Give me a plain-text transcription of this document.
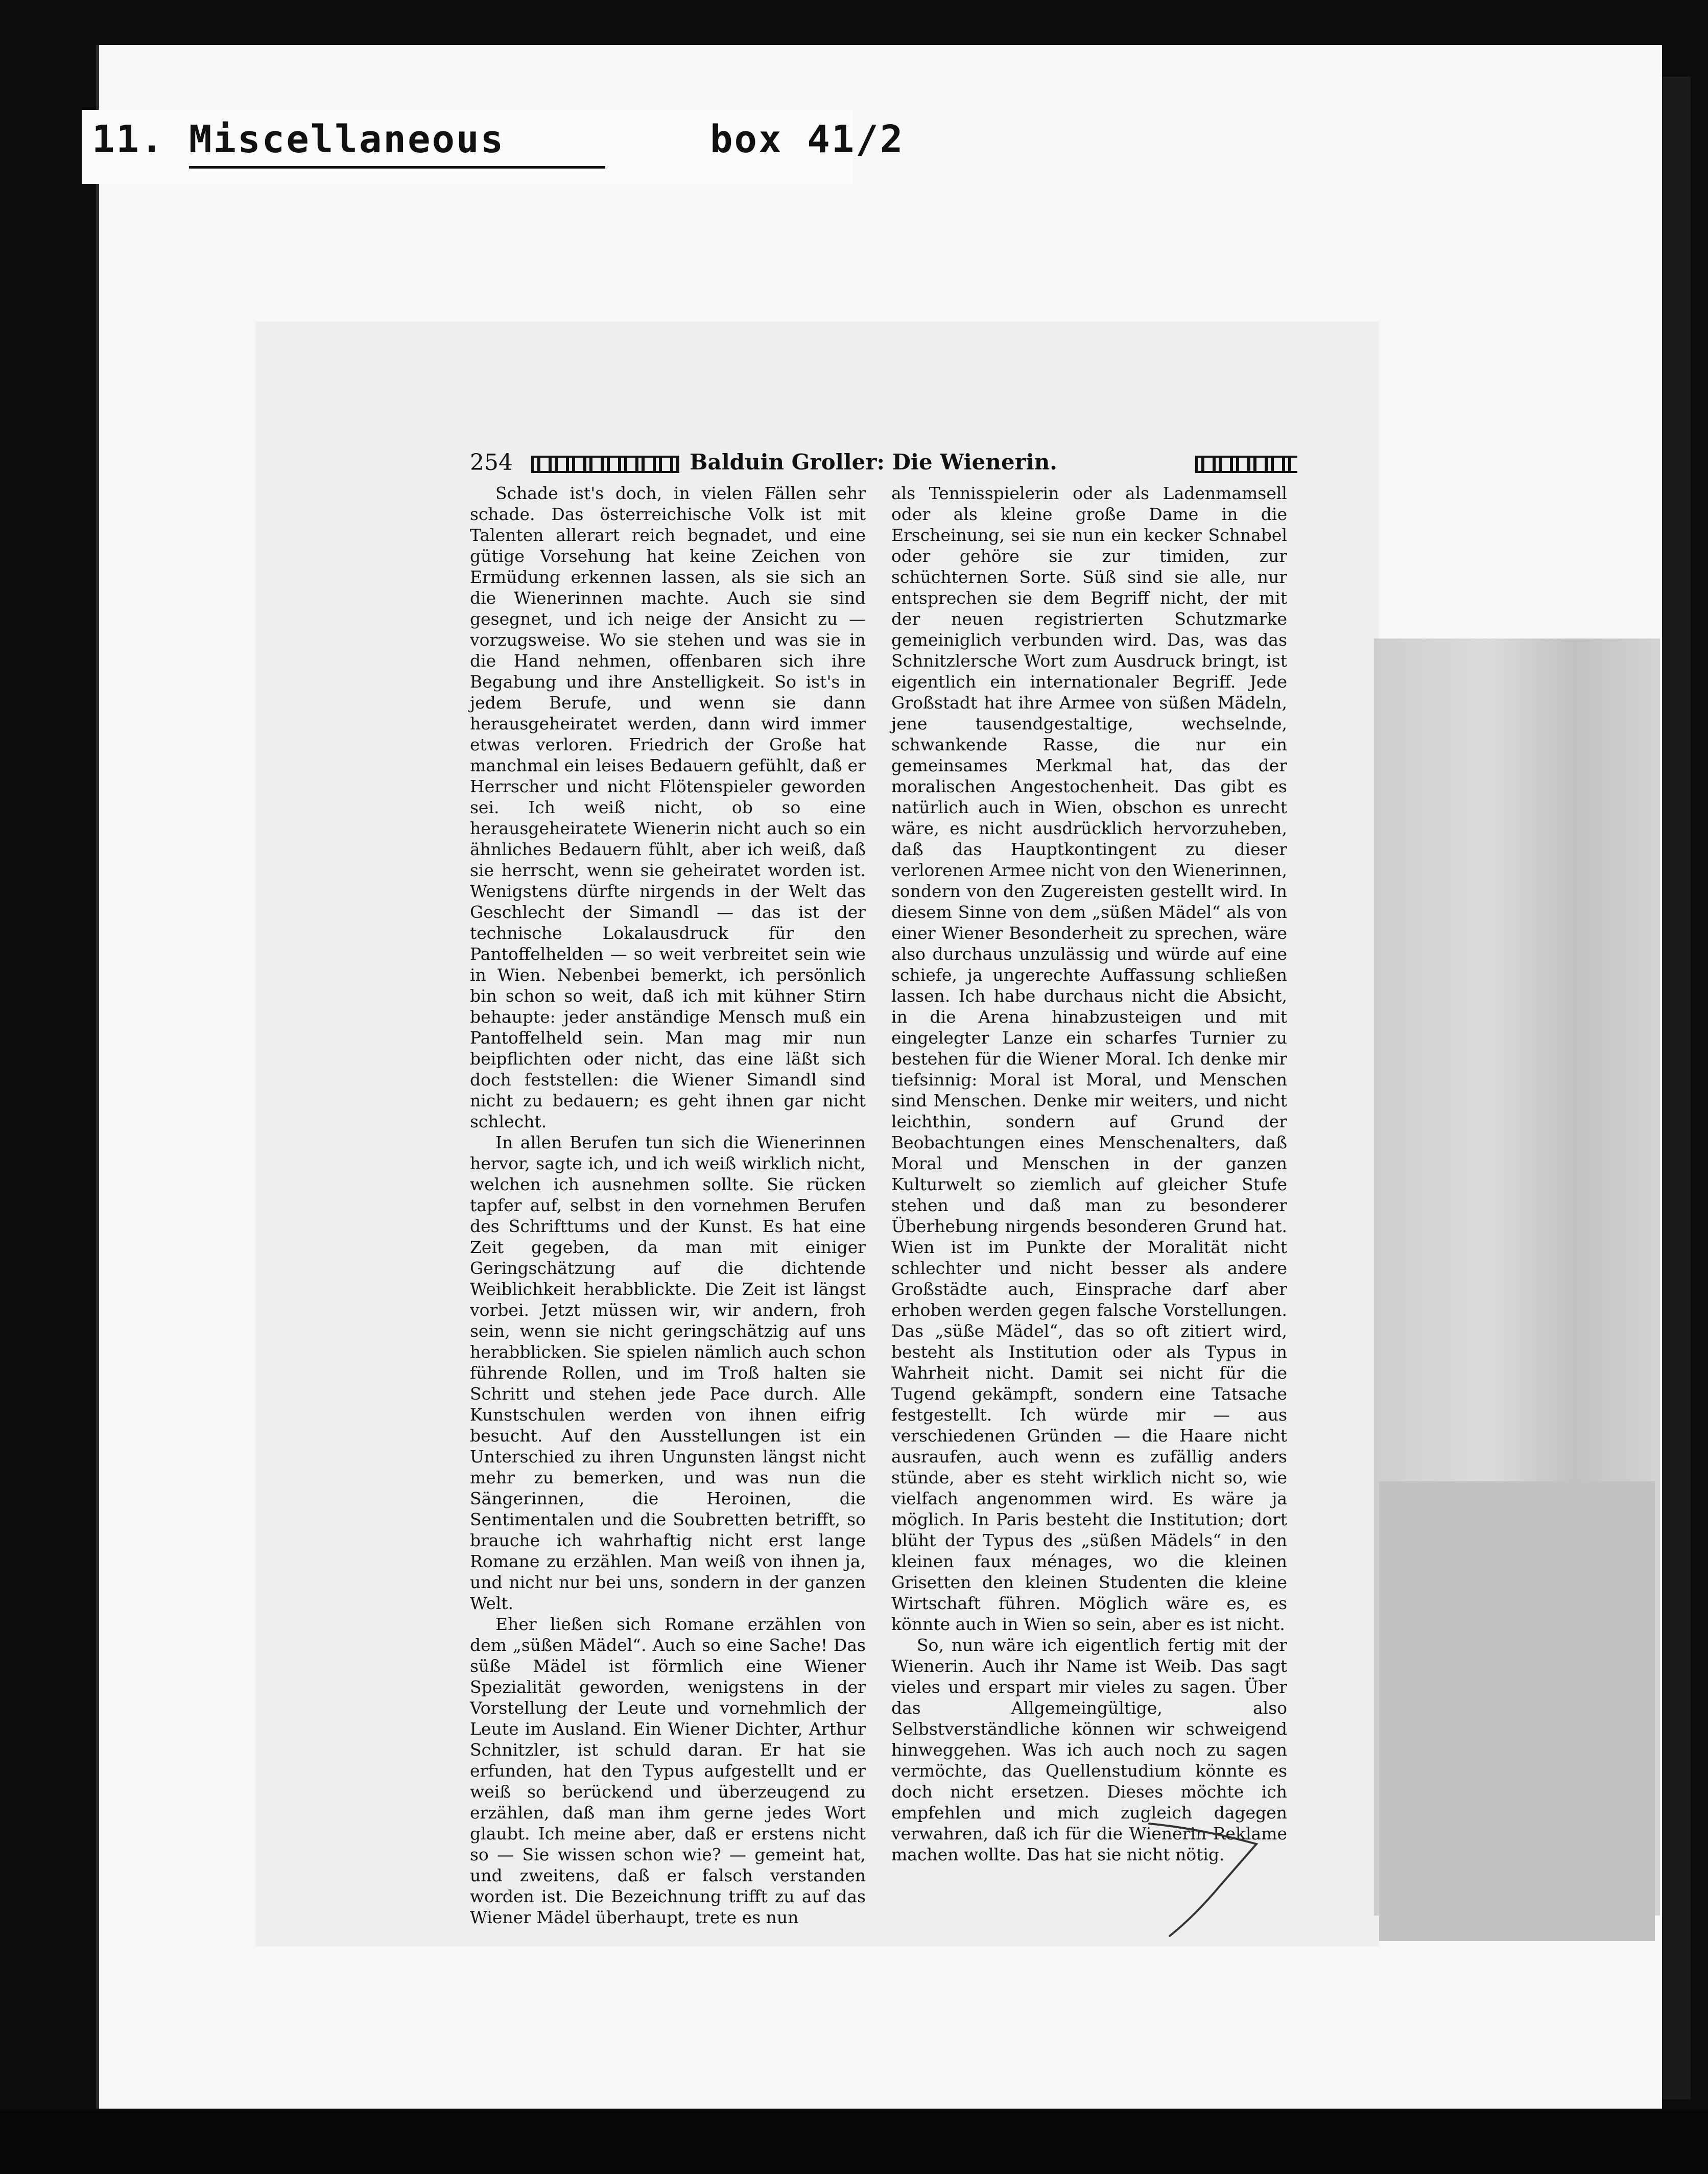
11.

Miscellaneous

	box 41/2

254	Balduin Groller: Die Wienerin.

Schade ist's doch, in vielen Fällen sehr schade. Das österreichische Volk ist mit Talenten allerart reich begnadet, und eine gütige Vorsehung hat keine Zeichen von Ermüdung erkennen lassen, als sie sich an die Wienerinnen machte. Auch sie sind gesegnet, und ich neige der Ansicht zu — vorzugsweise. Wo sie stehen und was sie in die Hand nehmen, offenbaren sich ihre Begabung und ihre Anstelligkeit. So ist's in jedem Berufe, und wenn sie dann herausgeheiratet werden, dann wird immer etwas verloren. Friedrich der Große hat manchmal ein leises Bedauern gefühlt, daß er Herrscher und nicht Flötenspieler geworden sei. Ich weiß nicht, ob so eine herausgeheiratete Wienerin nicht auch so ein ähnliches Bedauern fühlt, aber ich weiß, daß sie herrscht, wenn sie geheiratet worden ist. Wenigstens dürfte nirgends in der Welt das Geschlecht der Simandl — das ist der technische Lokalausdruck für den Pantoffelhelden — so weit verbreitet sein wie in Wien. Nebenbei bemerkt, ich persönlich bin schon so weit, daß ich mit kühner Stirn behaupte: jeder anständige Mensch muß ein Pantoffelheld sein. Man mag mir nun beipflichten oder nicht, das eine läßt sich doch feststellen: die Wiener Simandl sind nicht zu bedauern; es geht ihnen gar nicht schlecht.

In allen Berufen tun sich die Wienerinnen hervor, sagte ich, und ich weiß wirklich nicht, welchen ich ausnehmen sollte. Sie rücken tapfer auf, selbst in den vornehmen Berufen des Schrifttums und der Kunst. Es hat eine Zeit gegeben, da man mit einiger Geringschätzung auf die dichtende Weiblichkeit herabblickte. Die Zeit ist längst vorbei. Jetzt müssen wir, wir andern, froh sein, wenn sie nicht geringschätzig auf uns herabblicken. Sie spielen nämlich auch schon führende Rollen, und im Troß halten sie Schritt und stehen jede Pace durch. Alle Kunstschulen werden von ihnen eifrig besucht. Auf den Ausstellungen ist ein Unterschied zu ihren Ungunsten längst nicht mehr zu bemerken, und was nun die Sängerinnen, die Heroinen, die Sentimentalen und die Soubretten betrifft, so brauche ich wahrhaftig nicht erst lange Romane zu erzählen. Man weiß von ihnen ja, und nicht nur bei uns, sondern in der ganzen Welt.

Eher ließen sich Romane erzählen von dem „süßen Mädel“. Auch so eine Sache! Das süße Mädel ist förmlich eine Wiener Spezialität geworden, wenigstens in der Vorstellung der Leute und vornehmlich der Leute im Ausland. Ein Wiener Dichter, Arthur Schnitzler, ist schuld daran. Er hat sie erfunden, hat den Typus aufgestellt und er weiß so berückend und überzeugend zu erzählen, daß man ihm gerne jedes Wort glaubt. Ich meine aber, daß er erstens nicht so — Sie wissen schon wie? — gemeint hat, und zweitens, daß er falsch verstanden worden ist. Die Bezeichnung trifft zu auf das Wiener Mädel überhaupt, trete es nun

als Tennisspielerin oder als Ladenmamsell oder als kleine große Dame in die Erscheinung, sei sie nun ein kecker Schnabel oder gehöre sie zur timiden, zur schüchternen Sorte. Süß sind sie alle, nur entsprechen sie dem Begriff nicht, der mit der neuen registrierten Schutzmarke gemeiniglich verbunden wird. Das, was das Schnitzlersche Wort zum Ausdruck bringt, ist eigentlich ein internationaler Begriff. Jede Großstadt hat ihre Armee von süßen Mädeln, jene tausendgestaltige, wechselnde, schwankende Rasse, die nur ein gemeinsames Merkmal hat, das der moralischen Angestochenheit. Das gibt es natürlich auch in Wien, obschon es unrecht wäre, es nicht ausdrücklich hervorzuheben, daß das Hauptkontingent zu dieser verlorenen Armee nicht von den Wienerinnen, sondern von den Zugereisten gestellt wird. In diesem Sinne von dem „süßen Mädel“ als von einer Wiener Besonderheit zu sprechen, wäre also durchaus unzulässig und würde auf eine schiefe, ja ungerechte Auffassung schließen lassen. Ich habe durchaus nicht die Absicht, in die Arena hinabzusteigen und mit eingelegter Lanze ein scharfes Turnier zu bestehen für die Wiener Moral. Ich denke mir tiefsinnig: Moral ist Moral, und Menschen sind Menschen. Denke mir weiters, und nicht leichthin, sondern auf Grund der Beobachtungen eines Menschenalters, daß Moral und Menschen in der ganzen Kulturwelt so ziemlich auf gleicher Stufe stehen und daß man zu besonderer Überhebung nirgends besonderen Grund hat. Wien ist im Punkte der Moralität nicht schlechter und nicht besser als andere Großstädte auch, Einsprache darf aber erhoben werden gegen falsche Vorstellungen. Das „süße Mädel“, das so oft zitiert wird, besteht als Institution oder als Typus in Wahrheit nicht. Damit sei nicht für die Tugend gekämpft, sondern eine Tatsache festgestellt. Ich würde mir — aus verschiedenen Gründen — die Haare nicht ausraufen, auch wenn es zufällig anders stünde, aber es steht wirklich nicht so, wie vielfach angenommen wird. Es wäre ja möglich. In Paris besteht die Institution; dort blüht der Typus des „süßen Mädels“ in den kleinen faux ménages, wo die kleinen Grisetten den kleinen Studenten die kleine Wirtschaft führen. Möglich wäre es, es könnte auch in Wien so sein, aber es ist nicht.

So, nun wäre ich eigentlich fertig mit der Wienerin. Auch ihr Name ist Weib. Das sagt vieles und erspart mir vieles zu sagen. Über das Allgemeingültige, also Selbstverständliche können wir schweigend hinweggehen. Was ich auch noch zu sagen vermöchte, das Quellenstudium könnte es doch nicht ersetzen. Dieses möchte ich empfehlen und mich zugleich dagegen verwahren, daß ich für die Wienerin Reklame machen wollte. Das hat sie nicht nötig.
